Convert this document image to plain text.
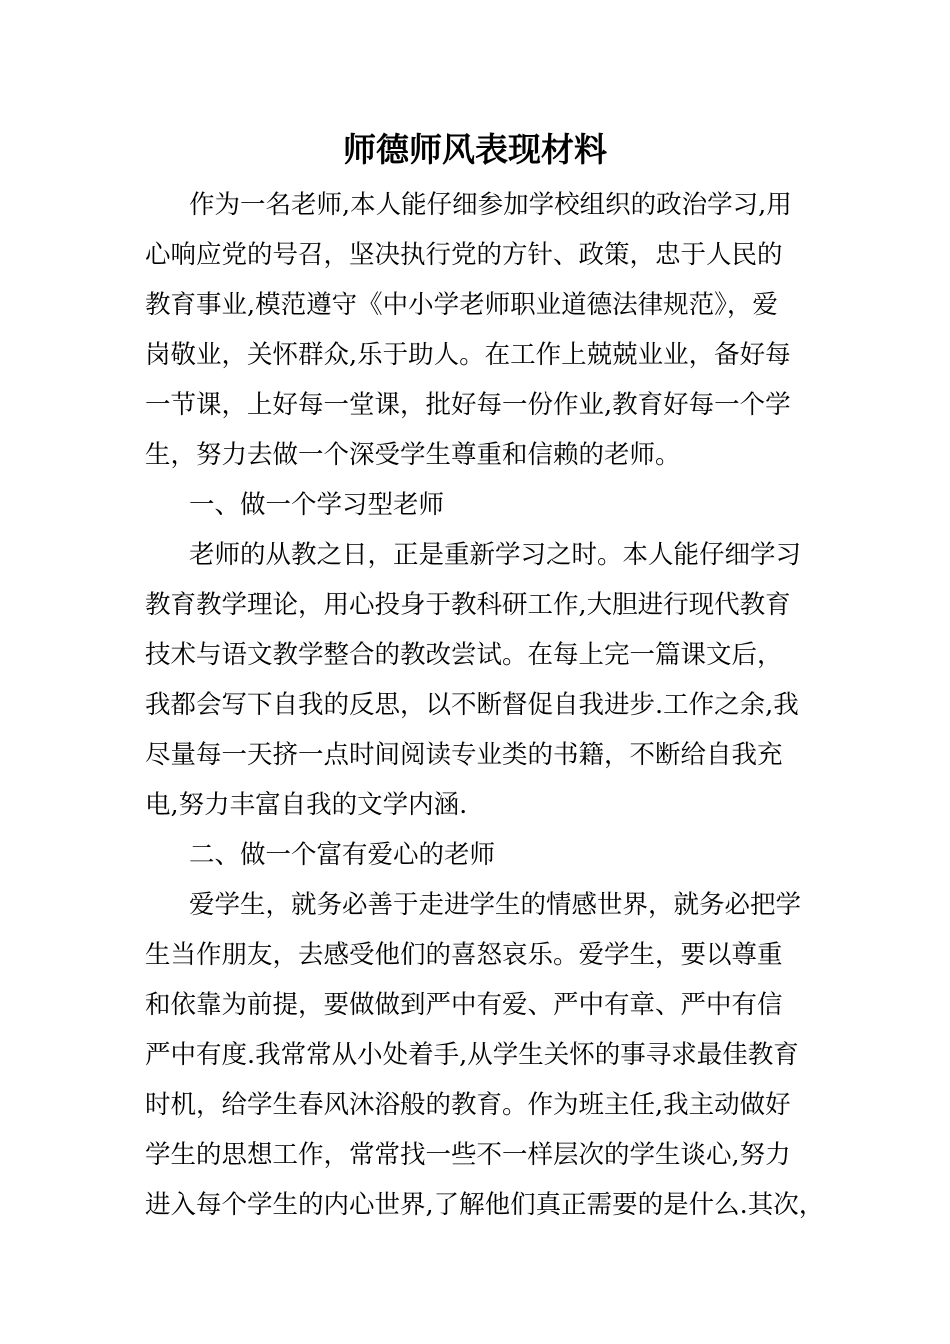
师德师风表现材料
作为一名老师,本人能仔细参加学校组织的政治学习,用
心响应党的号召，坚决执行党的方针、政策，忠于人民的
教育事业,模范遵守《中小学老师职业道德法律规范》，爱
岗敬业，关怀群众,乐于助人。在工作上兢兢业业，备好每
一节课，上好每一堂课，批好每一份作业,教育好每一个学
生，努力去做一个深受学生尊重和信赖的老师。
一、做一个学习型老师
老师的从教之日，正是重新学习之时。本人能仔细学习
教育教学理论，用心投身于教科研工作,大胆进行现代教育
技术与语文教学整合的教改尝试。在每上完一篇课文后，
我都会写下自我的反思，以不断督促自我进步.工作之余,我
尽量每一天挤一点时间阅读专业类的书籍，不断给自我充
电,努力丰富自我的文学内涵.
二、做一个富有爱心的老师
爱学生，就务必善于走进学生的情感世界，就务必把学
生当作朋友，去感受他们的喜怒哀乐。爱学生，要以尊重
和依靠为前提，要做做到严中有爱、严中有章、严中有信
严中有度.我常常从小处着手,从学生关怀的事寻求最佳教育
时机，给学生春风沐浴般的教育。作为班主任,我主动做好
学生的思想工作，常常找一些不一样层次的学生谈心,努力
进入每个学生的内心世界,了解他们真正需要的是什么.其次，
